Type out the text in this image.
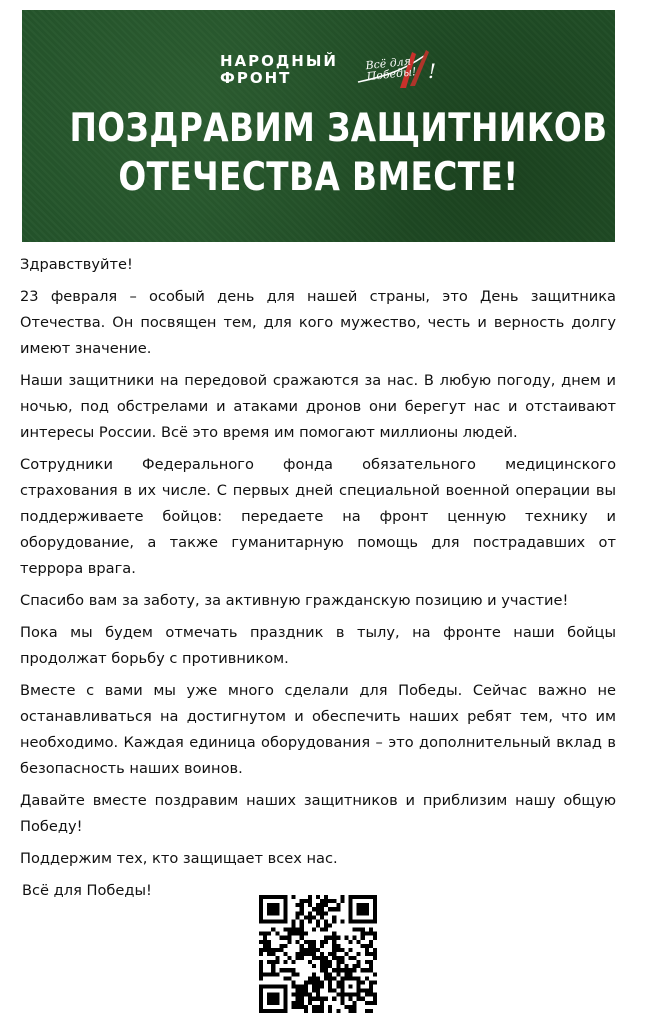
НАРОДНЫЙ
ФРОНТ	!
Всё для
Победы!
ПОЗДРАВИМ ЗАЩИТНИКОВ
ОТЕЧЕСТВА ВМЕСТЕ!

Здравствуйте!

23 февраля – особый день для нашей страны, это День защитника Отечества. Он посвящен тем, для кого мужество, честь и верность долгу имеют значение.

Наши защитники на передовой сражаются за нас. В любую погоду, днем и ночью, под обстрелами и атаками дронов они берегут нас и отстаивают интересы России. Всё это время им помогают миллионы людей.

Сотрудники Федерального фонда обязательного медицинского страхования в их числе. С первых дней специальной военной операции вы поддерживаете бойцов: передаете на фронт ценную технику и оборудование, а также гуманитарную помощь для пострадавших от террора врага.

Спасибо вам за заботу, за активную гражданскую позицию и участие!

Пока мы будем отмечать праздник в тылу, на фронте наши бойцы продолжат борьбу с противником.

Вместе с вами мы уже много сделали для Победы. Сейчас важно не останавливаться на достигнутом и обеспечить наших ребят тем, что им необходимо. Каждая единица оборудования – это дополнительный вклад в безопасность наших воинов.

Давайте вместе поздравим наших защитников и приблизим нашу общую Победу!

Поддержим тех, кто защищает всех нас.

Всё для Победы!
